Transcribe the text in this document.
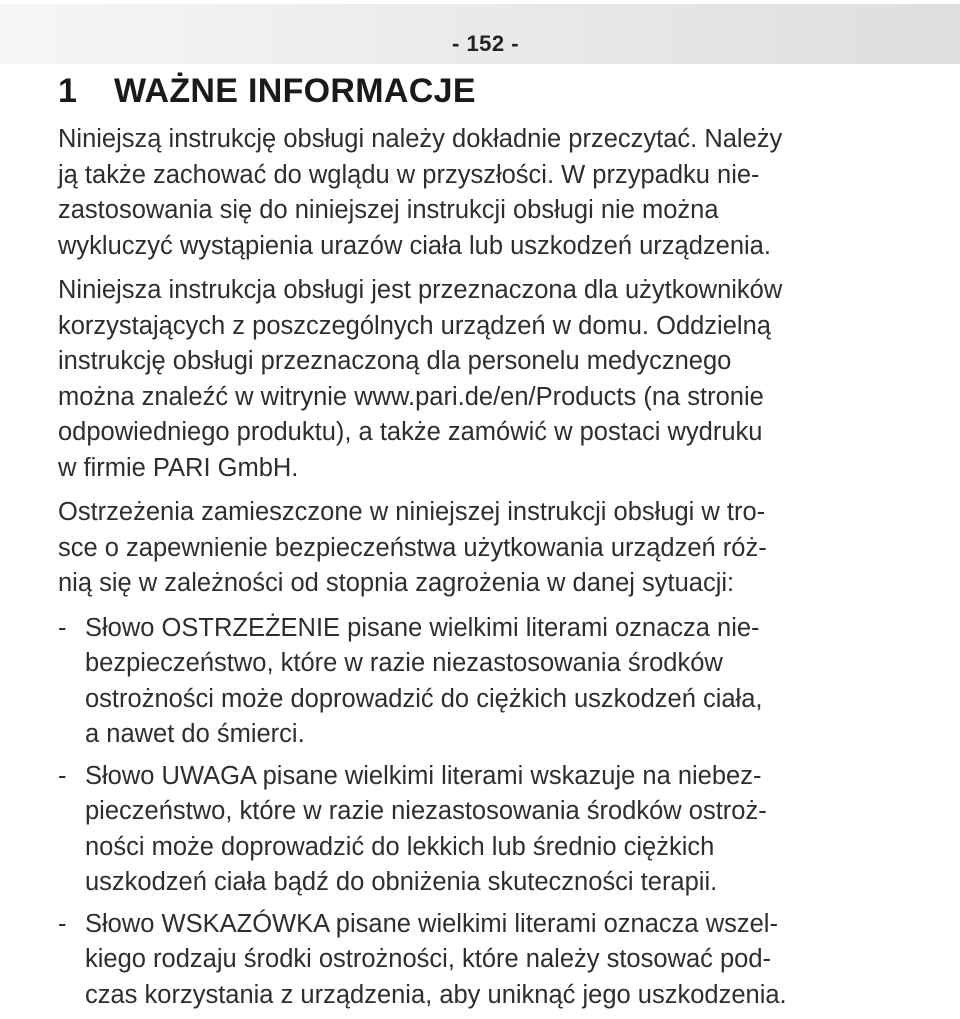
- 152 -
1 WAŻNE INFORMACJE

Niniejszą instrukcję obsługi należy dokładnie przeczytać. Należy
ją także zachować do wglądu w przyszłości. W przypadku nie-
zastosowania się do niniejszej instrukcji obsługi nie można
wykluczyć wystąpienia urazów ciała lub uszkodzeń urządzenia.

Niniejsza instrukcja obsługi jest przeznaczona dla użytkowników
korzystających z poszczególnych urządzeń w domu. Oddzielną
instrukcję obsługi przeznaczoną dla personelu medycznego
można znaleźć w witrynie www.pari.de/en/Products (na stronie
odpowiedniego produktu), a także zamówić w postaci wydruku
w firmie PARI GmbH.

Ostrzeżenia zamieszczone w niniejszej instrukcji obsługi w tro-
sce o zapewnienie bezpieczeństwa użytkowania urządzeń róż-
nią się w zależności od stopnia zagrożenia w danej sytuacji:

- Słowo OSTRZEŻENIE pisane wielkimi literami oznacza nie-
bezpieczeństwo, które w razie niezastosowania środków
ostrożności może doprowadzić do ciężkich uszkodzeń ciała,
a nawet do śmierci.
- Słowo UWAGA pisane wielkimi literami wskazuje na niebez-
pieczeństwo, które w razie niezastosowania środków ostroż-
ności może doprowadzić do lekkich lub średnio ciężkich
uszkodzeń ciała bądź do obniżenia skuteczności terapii.
- Słowo WSKAZÓWKA pisane wielkimi literami oznacza wszel-
kiego rodzaju środki ostrożności, które należy stosować pod-
czas korzystania z urządzenia, aby uniknąć jego uszkodzenia.
